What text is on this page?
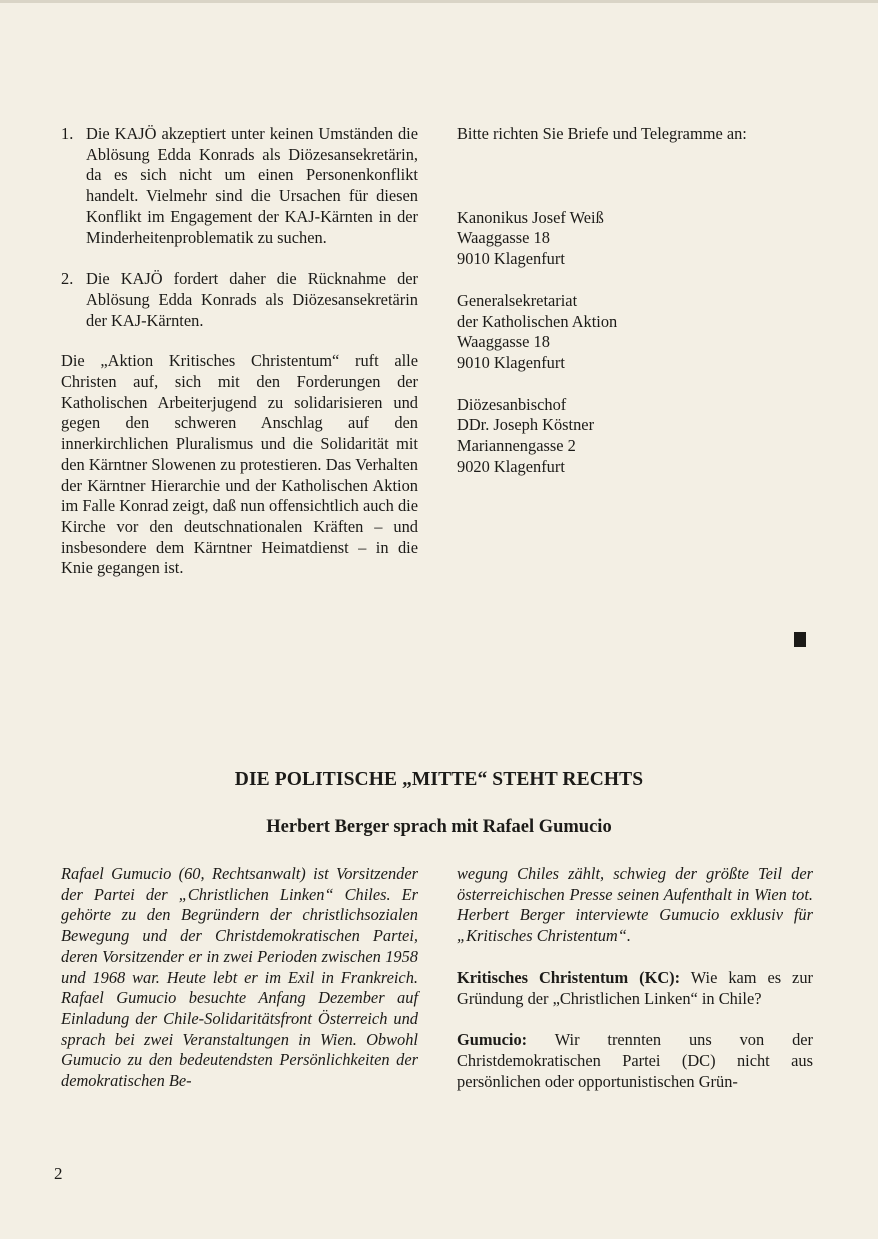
1. Die KAJÖ akzeptiert unter keinen Umständen die Ablösung Edda Konrads als Diözesansekretärin, da es sich nicht um einen Personenkonflikt handelt. Vielmehr sind die Ursachen für diesen Konflikt im Engagement der KAJ-Kärnten in der Minderheitenproblematik zu suchen.

2. Die KAJÖ fordert daher die Rücknahme der Ablösung Edda Konrads als Diözesansekretärin der KAJ-Kärnten.

Die „Aktion Kritisches Christentum“ ruft alle Christen auf, sich mit den Forderungen der Katholischen Arbeiterjugend zu solidarisieren und gegen den schweren Anschlag auf den innerkirchlichen Pluralismus und die Solidarität mit den Kärntner Slowenen zu protestieren. Das Verhalten der Kärntner Hierarchie und der Katholischen Aktion im Falle Konrad zeigt, daß nun offensichtlich auch die Kirche vor den deutschnationalen Kräften – und insbesondere dem Kärntner Heimatdienst – in die Knie gegangen ist.

Bitte richten Sie Briefe und Telegramme an:

Kanonikus Josef Weiß
Waaggasse 18
9010 Klagenfurt
Generalsekretariat
der Katholischen Aktion
Waaggasse 18
9010 Klagenfurt
Diözesanbischof
DDr. Joseph Köstner
Mariannengasse 2
9020 Klagenfurt
DIE POLITISCHE „MITTE“ STEHT RECHTS
Herbert Berger sprach mit Rafael Gumucio

Rafael Gumucio (60, Rechtsanwalt) ist Vorsitzender der Partei der „Christlichen Linken“ Chiles. Er gehörte zu den Begründern der christlichsozialen Bewegung und der Christdemokratischen Partei, deren Vorsitzender er in zwei Perioden zwischen 1958 und 1968 war. Heute lebt er im Exil in Frankreich. Rafael Gumucio besuchte Anfang Dezember auf Einladung der Chile-Solidaritätsfront Österreich und sprach bei zwei Veranstaltungen in Wien. Obwohl Gumucio zu den bedeutendsten Persönlichkeiten der demokratischen Be-

wegung Chiles zählt, schwieg der größte Teil der österreichischen Presse seinen Aufenthalt in Wien tot. Herbert Berger interviewte Gumucio exklusiv für „Kritisches Christentum“.

Kritisches Christentum (KC): Wie kam es zur Gründung der „Christlichen Linken“ in Chile?

Gumucio: Wir trennten uns von der Christdemokratischen Partei (DC) nicht aus persönlichen oder opportunistischen Grün-

2
